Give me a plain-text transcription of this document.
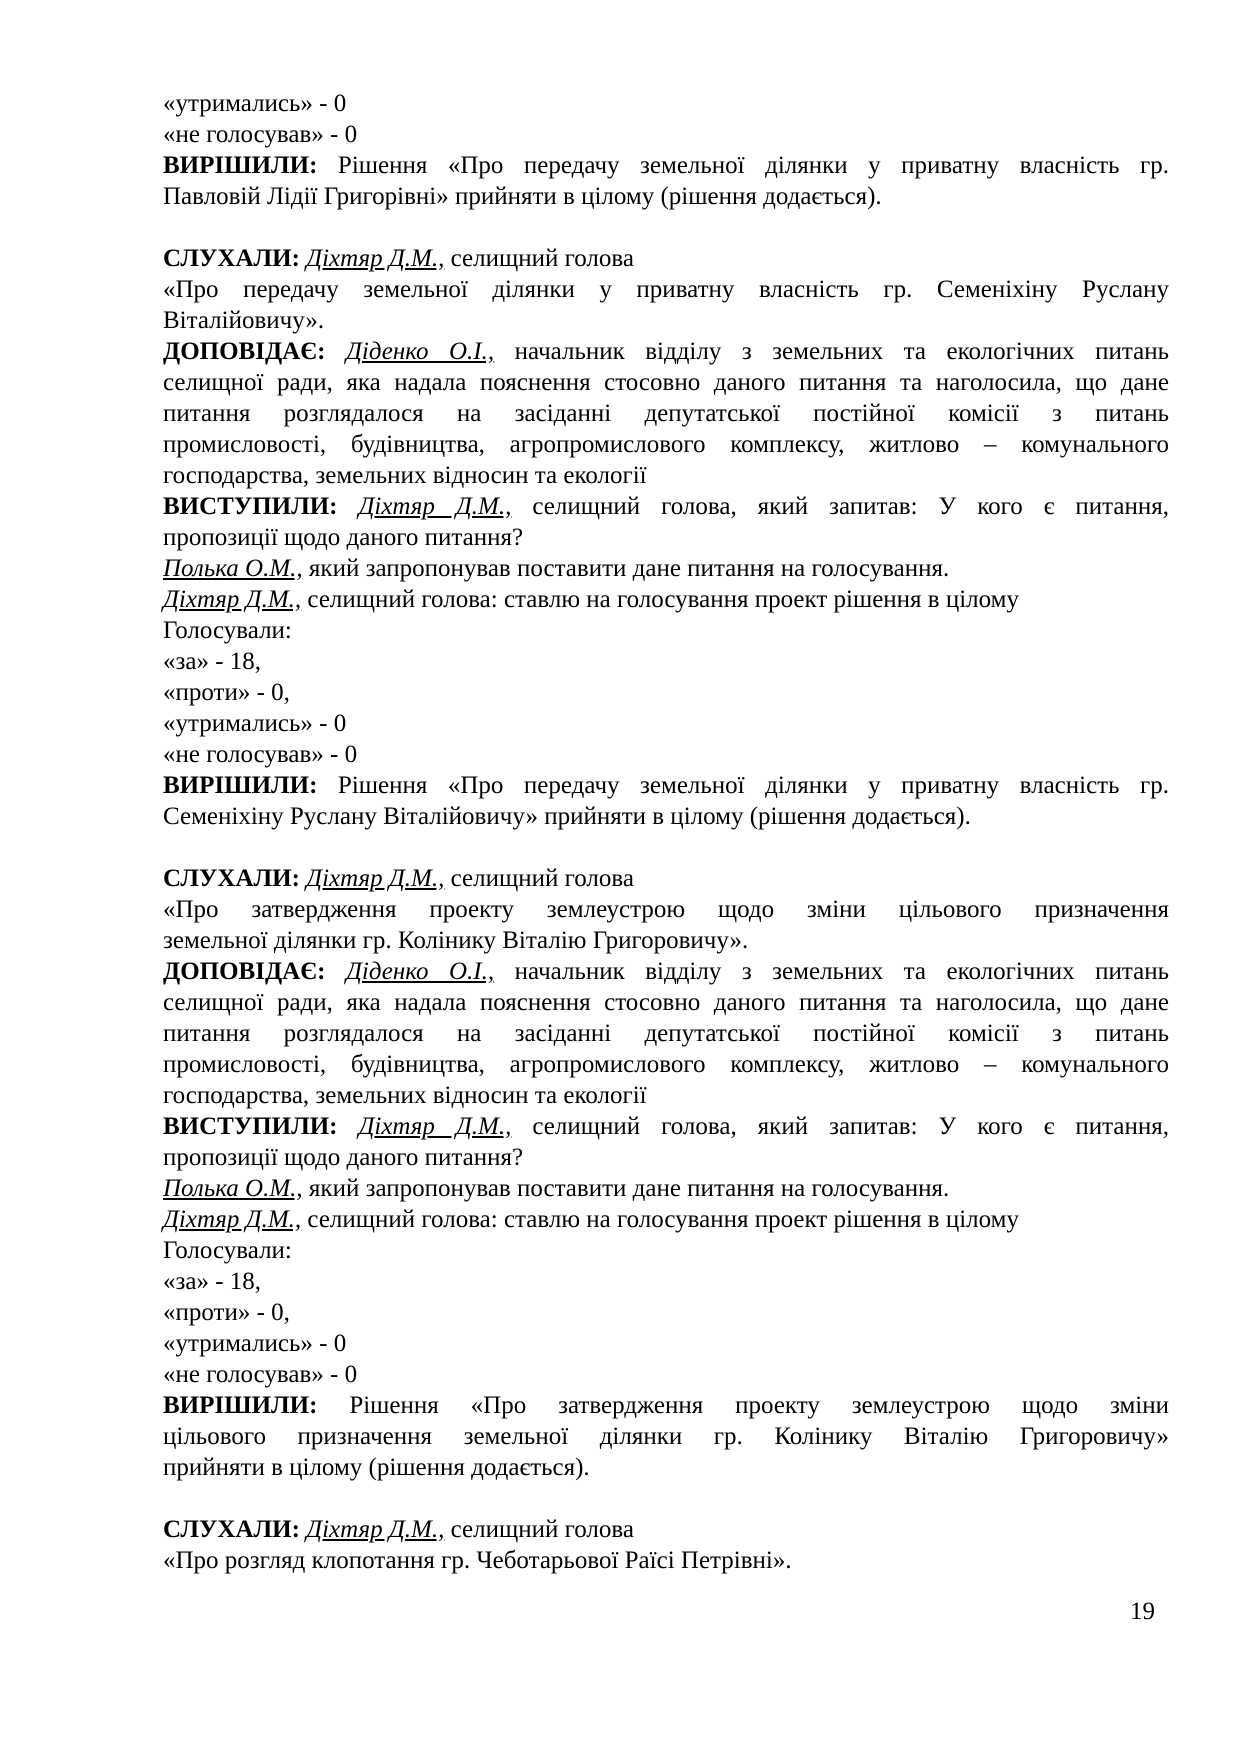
«утримались» - 0
«не голосував» - 0
ВИРІШИЛИ: Рішення «Про передачу земельної ділянки у приватну власність гр.
Павловій Лідії Григорівні» прийняти в цілому (рішення додається).
СЛУХАЛИ: Діхтяр Д.М., селищний голова
«Про передачу земельної ділянки у приватну власність гр. Семеніхіну Руслану
Віталійовичу».
ДОПОВІДАЄ: Діденко О.І., начальник відділу з земельних та екологічних питань
селищної ради, яка надала пояснення стосовно даного питання та наголосила, що дане
питання розглядалося на засіданні депутатської постійної комісії з питань
промисловості, будівництва, агропромислового комплексу, житлово – комунального
господарства, земельних відносин та екології
ВИСТУПИЛИ: Діхтяр Д.М., селищний голова, який запитав: У кого є питання,
пропозиції щодо даного питання?
Полька О.М., який запропонував поставити дане питання на голосування.
Діхтяр Д.М., селищний голова: ставлю на голосування проект рішення в цілому
Голосували:
«за» - 18,
«проти» - 0,
«утримались» - 0
«не голосував» - 0
ВИРІШИЛИ: Рішення «Про передачу земельної ділянки у приватну власність гр.
Семеніхіну Руслану Віталійовичу» прийняти в цілому (рішення додається).
СЛУХАЛИ: Діхтяр Д.М., селищний голова
«Про затвердження проекту землеустрою щодо зміни цільового призначення
земельної ділянки гр. Колінику Віталію Григоровичу».
ДОПОВІДАЄ: Діденко О.І., начальник відділу з земельних та екологічних питань
селищної ради, яка надала пояснення стосовно даного питання та наголосила, що дане
питання розглядалося на засіданні депутатської постійної комісії з питань
промисловості, будівництва, агропромислового комплексу, житлово – комунального
господарства, земельних відносин та екології
ВИСТУПИЛИ: Діхтяр Д.М., селищний голова, який запитав: У кого є питання,
пропозиції щодо даного питання?
Полька О.М., який запропонував поставити дане питання на голосування.
Діхтяр Д.М., селищний голова: ставлю на голосування проект рішення в цілому
Голосували:
«за» - 18,
«проти» - 0,
«утримались» - 0
«не голосував» - 0
ВИРІШИЛИ: Рішення «Про затвердження проекту землеустрою щодо зміни
цільового призначення земельної ділянки гр. Колінику Віталію Григоровичу»
прийняти в цілому (рішення додається).
СЛУХАЛИ: Діхтяр Д.М., селищний голова
«Про розгляд клопотання гр. Чеботарьової Раїсі Петрівні».
19
